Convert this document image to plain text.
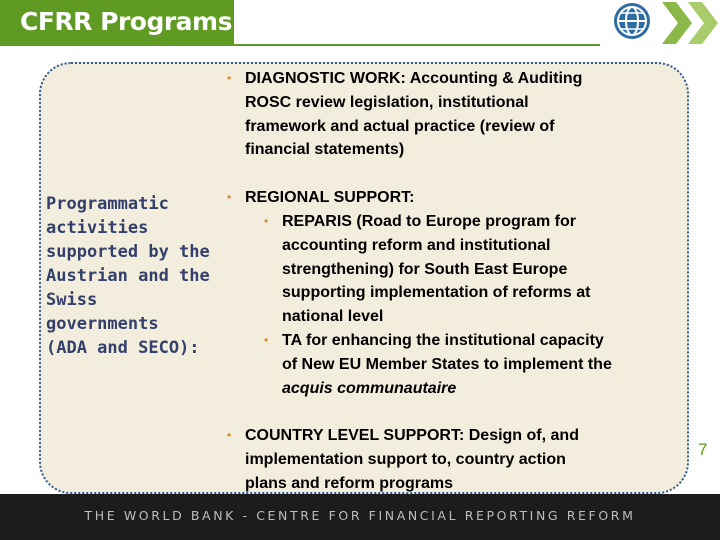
CFRR Programs
Programmatic
activities
supported by the
Austrian and the
Swiss
governments
(ADA and SECO):
• DIAGNOSTIC WORK: Accounting & Auditing
ROSC review legislation, institutional
framework and actual practice (review of
financial statements)
• REGIONAL SUPPORT:
• REPARIS (Road to Europe program for
accounting reform and institutional
strengthening) for South East Europe
supporting implementation of reforms at
national level
• TA for enhancing the institutional capacity
of New EU Member States to implement the
acquis communautaire
• COUNTRY LEVEL SUPPORT: Design of, and
implementation support to, country action
plans and reform programs
7
THE WORLD BANK - CENTRE FOR FINANCIAL REPORTING REFORM
